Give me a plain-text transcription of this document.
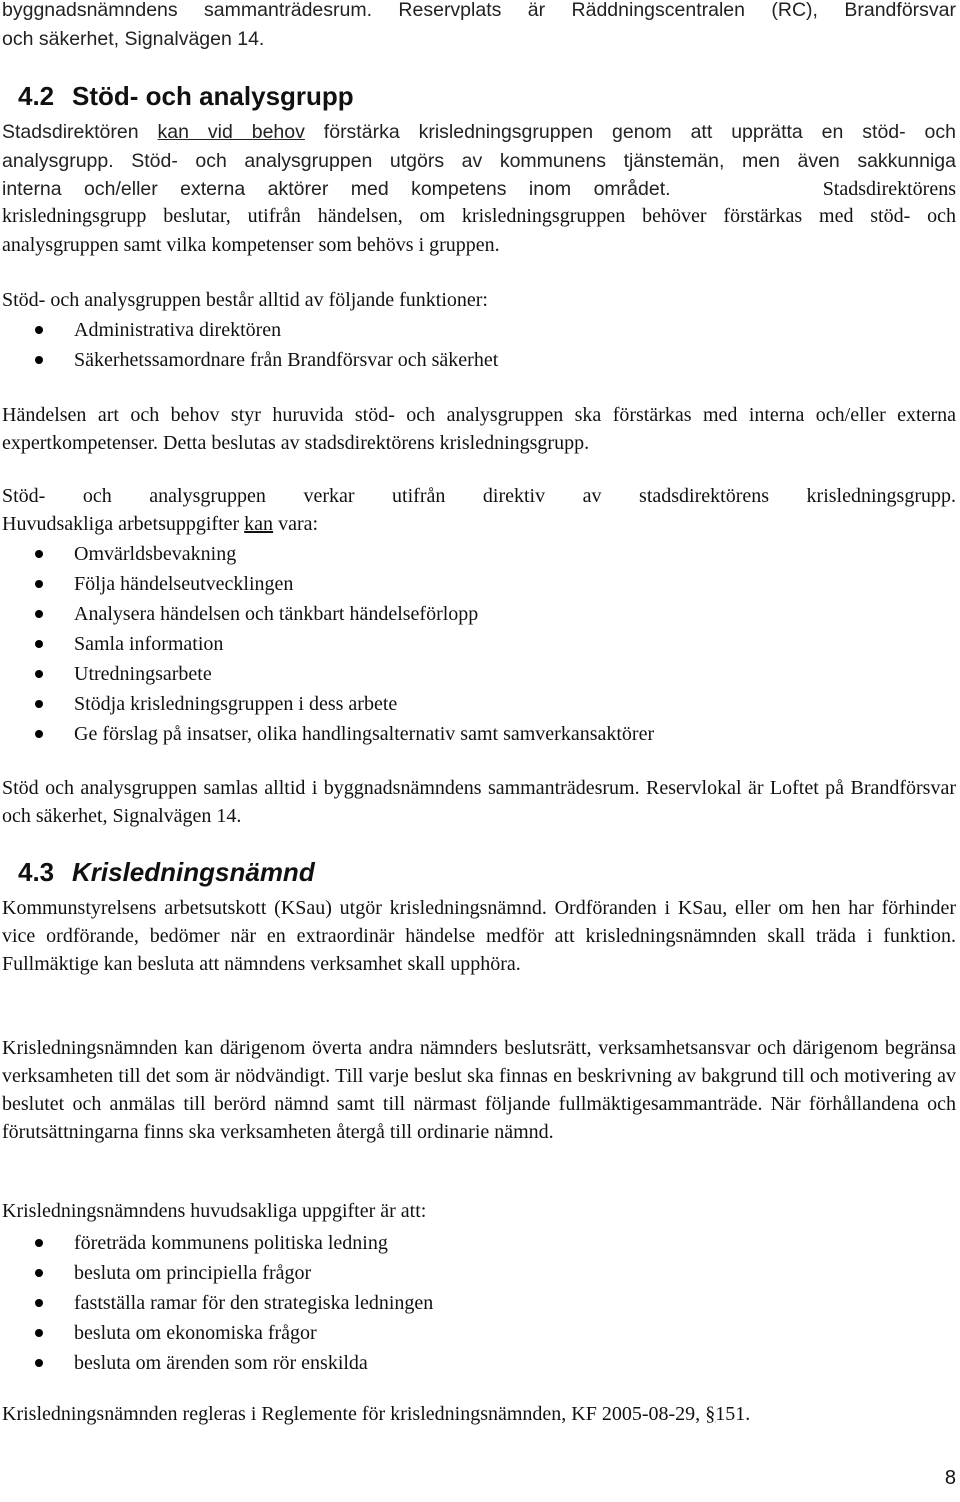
byggnadsnämndens sammanträdesrum. Reservplats är Räddningscentralen (RC), Brandförsvar
och säkerhet, Signalvägen 14.
4.2 Stöd- och analysgrupp
Stadsdirektören kan vid behov förstärka krisledningsgruppen genom att upprätta en stöd- och
analysgrupp. Stöd- och analysgruppen utgörs av kommunens tjänstemän, men även sakkunniga
interna och/eller externa aktörer med kompetens inom området.	Stadsdirektörens
krisledningsgrupp beslutar, utifrån händelsen, om krisledningsgruppen behöver förstärkas med stöd- och analysgruppen samt vilka kompetenser som behövs i gruppen.
Stöd- och analysgruppen består alltid av följande funktioner:
Administrativa direktören
Säkerhetssamordnare från Brandförsvar och säkerhet
Händelsen art och behov styr huruvida stöd- och analysgruppen ska förstärkas med interna och/eller externa expertkompetenser. Detta beslutas av stadsdirektörens krisledningsgrupp.
Stöd- och analysgruppen verkar utifrån direktiv av stadsdirektörens krisledningsgrupp.
Huvudsakliga arbetsuppgifter kan vara:
Omvärldsbevakning
Följa händelseutvecklingen
Analysera händelsen och tänkbart händelseförlopp
Samla information
Utredningsarbete
Stödja krisledningsgruppen i dess arbete
Ge förslag på insatser, olika handlingsalternativ samt samverkansaktörer
Stöd och analysgruppen samlas alltid i byggnadsnämndens sammanträdesrum. Reservlokal är Loftet på Brandförsvar och säkerhet, Signalvägen 14.
4.3 Krisledningsnämnd
Kommunstyrelsens arbetsutskott (KSau) utgör krisledningsnämnd. Ordföranden i KSau, eller om hen har förhinder vice ordförande, bedömer när en extraordinär händelse medför att krisledningsnämnden skall träda i funktion. Fullmäktige kan besluta att nämndens verksamhet skall upphöra.
Krisledningsnämnden kan därigenom överta andra nämnders beslutsrätt, verksamhetsansvar och därigenom begränsa verksamheten till det som är nödvändigt. Till varje beslut ska finnas en beskrivning av bakgrund till och motivering av beslutet och anmälas till berörd nämnd samt till närmast följande fullmäktigesammanträde. När förhållandena och förutsättningarna finns ska verksamheten återgå till ordinarie nämnd.
Krisledningsnämndens huvudsakliga uppgifter är att:
företräda kommunens politiska ledning
besluta om principiella frågor
fastställa ramar för den strategiska ledningen
besluta om ekonomiska frågor
besluta om ärenden som rör enskilda
Krisledningsnämnden regleras i Reglemente för krisledningsnämnden, KF 2005-08-29, §151.
8
